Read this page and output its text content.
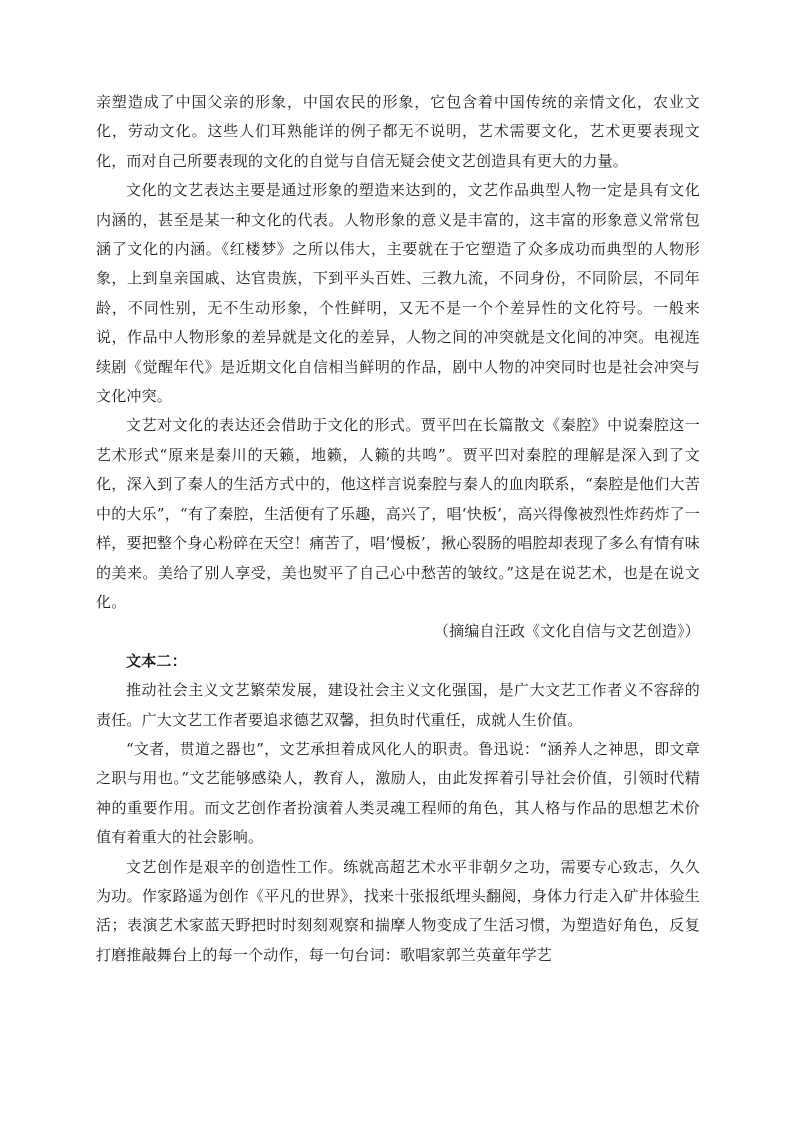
亲塑造成了中国父亲的形象，中国农民的形象，它包含着中国传统的亲情文化，农业文化，劳动文化。这些人们耳熟能详的例子都无不说明，艺术需要文化，艺术更要表现文化，而对自己所要表现的文化的自觉与自信无疑会使文艺创造具有更大的力量。

文化的文艺表达主要是通过形象的塑造来达到的，文艺作品典型人物一定是具有文化内涵的，甚至是某一种文化的代表。人物形象的意义是丰富的，这丰富的形象意义常常包涵了文化的内涵。《红楼梦》之所以伟大，主要就在于它塑造了众多成功而典型的人物形象，上到皇亲国戚、达官贵族，下到平头百姓、三教九流，不同身份，不同阶层，不同年龄，不同性别，无不生动形象，个性鲜明，又无不是一个个差异性的文化符号。一般来说，作品中人物形象的差异就是文化的差异，人物之间的冲突就是文化间的冲突。电视连续剧《觉醒年代》是近期文化自信相当鲜明的作品，剧中人物的冲突同时也是社会冲突与文化冲突。

文艺对文化的表达还会借助于文化的形式。贾平凹在长篇散文《秦腔》中说秦腔这一艺术形式“原来是秦川的天籁，地籁，人籁的共鸣”。贾平凹对秦腔的理解是深入到了文化，深入到了秦人的生活方式中的，他这样言说秦腔与秦人的血肉联系，“秦腔是他们大苦中的大乐”，“有了秦腔，生活便有了乐趣，高兴了，唱‘快板’，高兴得像被烈性炸药炸了一样，要把整个身心粉碎在天空！痛苦了，唱‘慢板’，揪心裂肠的唱腔却表现了多么有情有味的美来。美给了别人享受，美也熨平了自己心中愁苦的皱纹。”这是在说艺术，也是在说文化。

（摘编自汪政《文化自信与文艺创造》）

文本二：

推动社会主义文艺繁荣发展，建设社会主义文化强国，是广大文艺工作者义不容辞的责任。广大文艺工作者要追求德艺双馨，担负时代重任，成就人生价值。

“文者，贯道之器也”，文艺承担着成风化人的职责。鲁迅说：“涵养人之神思，即文章之职与用也。”文艺能够感染人，教育人，激励人，由此发挥着引导社会价值，引领时代精神的重要作用。而文艺创作者扮演着人类灵魂工程师的角色，其人格与作品的思想艺术价值有着重大的社会影响。

文艺创作是艰辛的创造性工作。练就高超艺术水平非朝夕之功，需要专心致志，久久为功。作家路遥为创作《平凡的世界》，找来十张报纸埋头翻阅，身体力行走入矿井体验生活；表演艺术家蓝天野把时时刻刻观察和揣摩人物变成了生活习惯，为塑造好角色，反复打磨推敲舞台上的每一个动作，每一句台词：歌唱家郭兰英童年学艺
